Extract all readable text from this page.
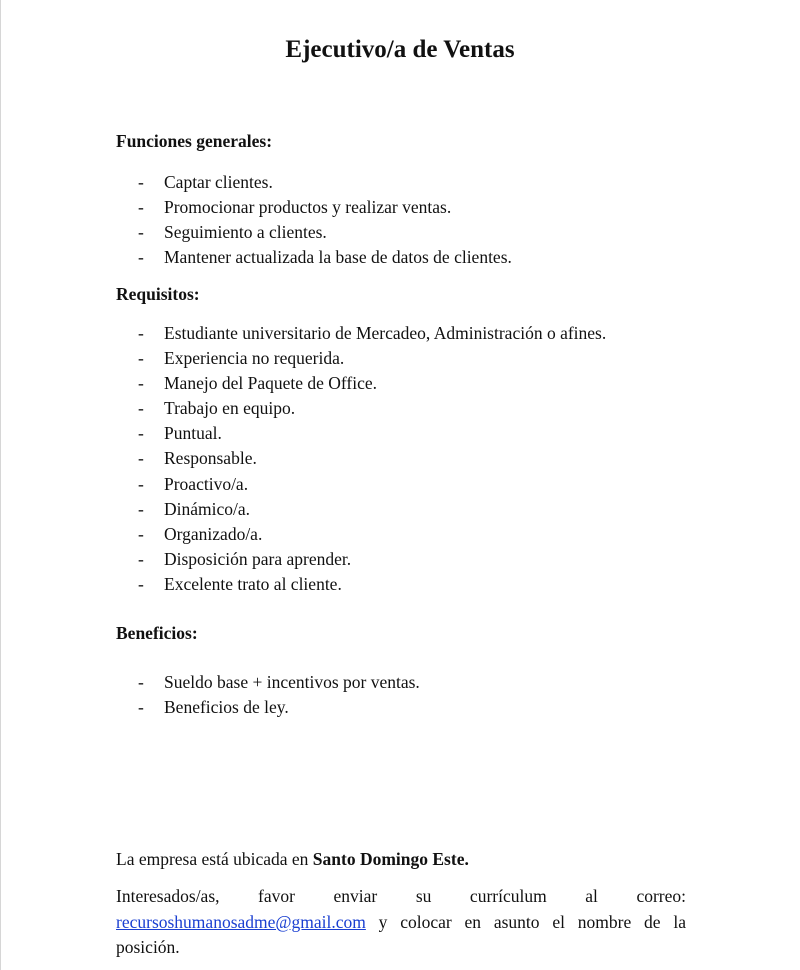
Ejecutivo/a de Ventas
Funciones generales:
- Captar clientes.
- Promocionar productos y realizar ventas.
- Seguimiento a clientes.
- Mantener actualizada la base de datos de clientes.
Requisitos:
- Estudiante universitario de Mercadeo, Administración o afines.
- Experiencia no requerida.
- Manejo del Paquete de Office.
- Trabajo en equipo.
- Puntual.
- Responsable.
- Proactivo/a.
- Dinámico/a.
- Organizado/a.
- Disposición para aprender.
- Excelente trato al cliente.
Beneficios:
- Sueldo base + incentivos por ventas.
- Beneficios de ley.

La empresa está ubicada en Santo Domingo Este.

Interesados/as, favor enviar su currículum al correo: recursoshumanosadme@gmail.com y colocar en asunto el nombre de la posición.
